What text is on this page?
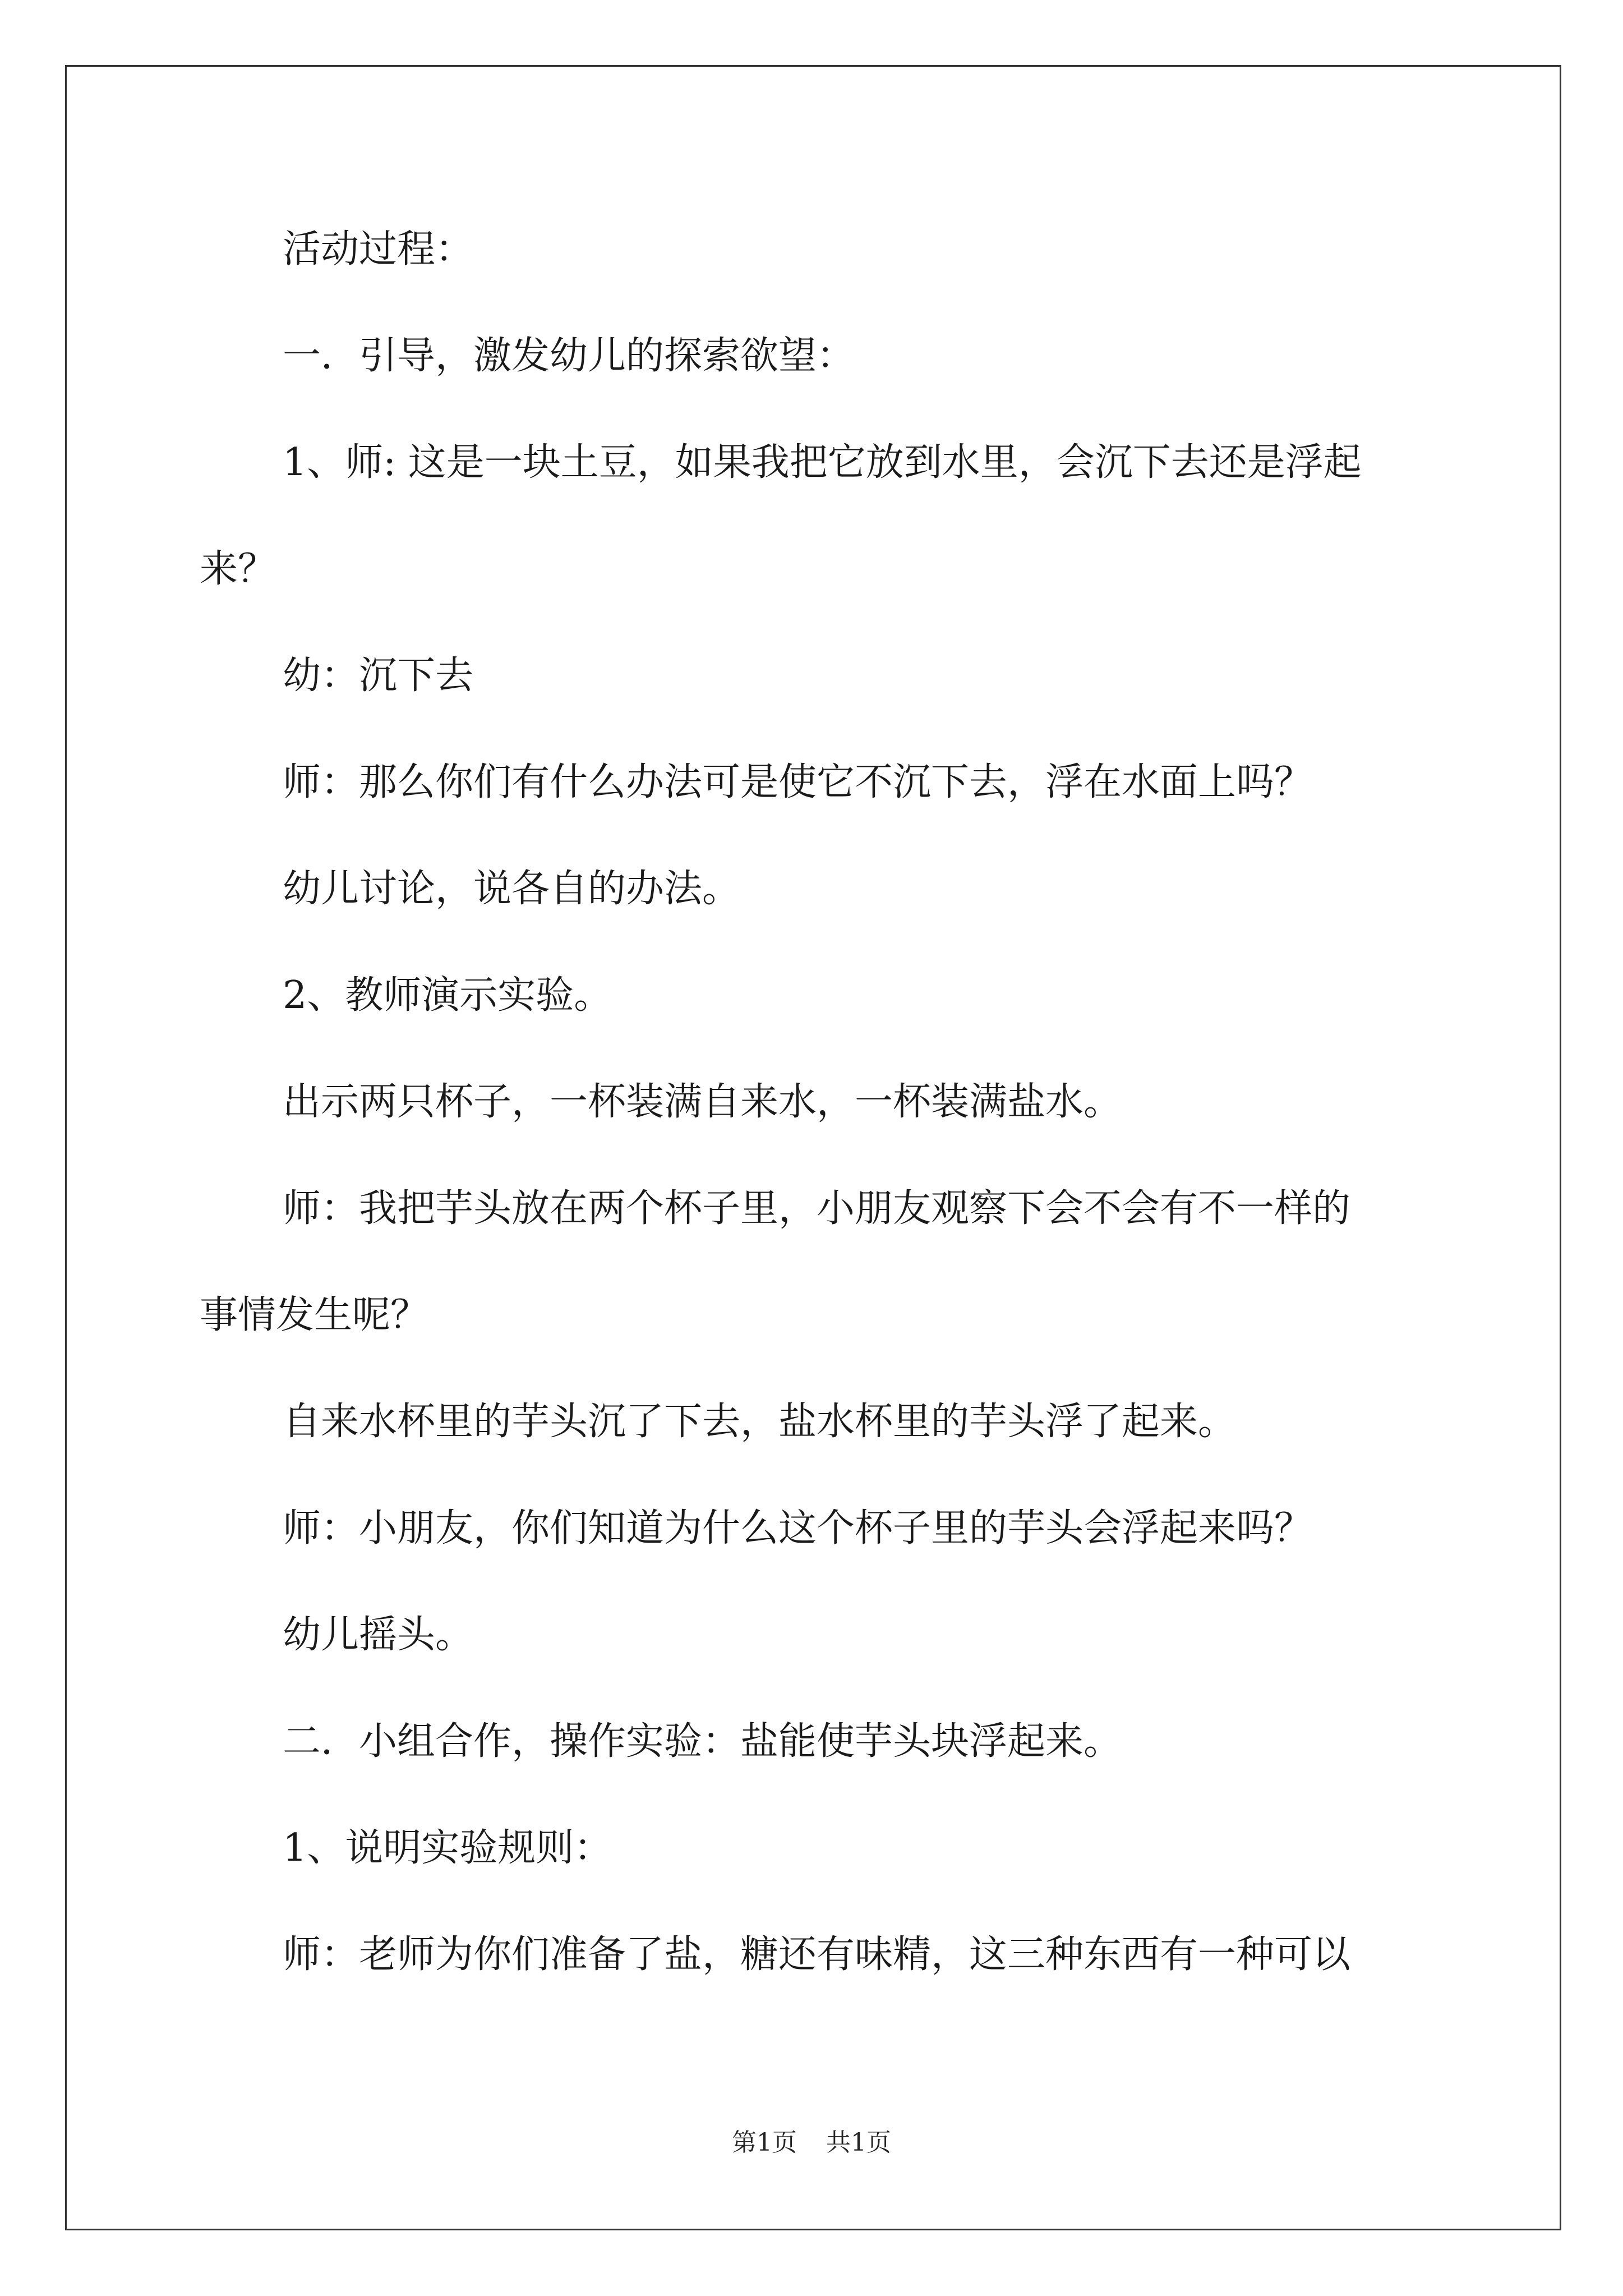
活动过程：
一．引导，激发幼儿的探索欲望：
1、师: 这是一块土豆，如果我把它放到水里，会沉下去还是浮起
来？
幼：沉下去
师：那么你们有什么办法可是使它不沉下去，浮在水面上吗？
幼儿讨论，说各自的办法。
2、教师演示实验。
出示两只杯子，一杯装满自来水，一杯装满盐水。
师：我把芋头放在两个杯子里，小朋友观察下会不会有不一样的
事情发生呢？
自来水杯里的芋头沉了下去，盐水杯里的芋头浮了起来。
师：小朋友，你们知道为什么这个杯子里的芋头会浮起来吗？
幼儿摇头。
二．小组合作，操作实验：盐能使芋头块浮起来。
1、说明实验规则：
师：老师为你们准备了盐，糖还有味精，这三种东西有一种可以
第1页 共1页
